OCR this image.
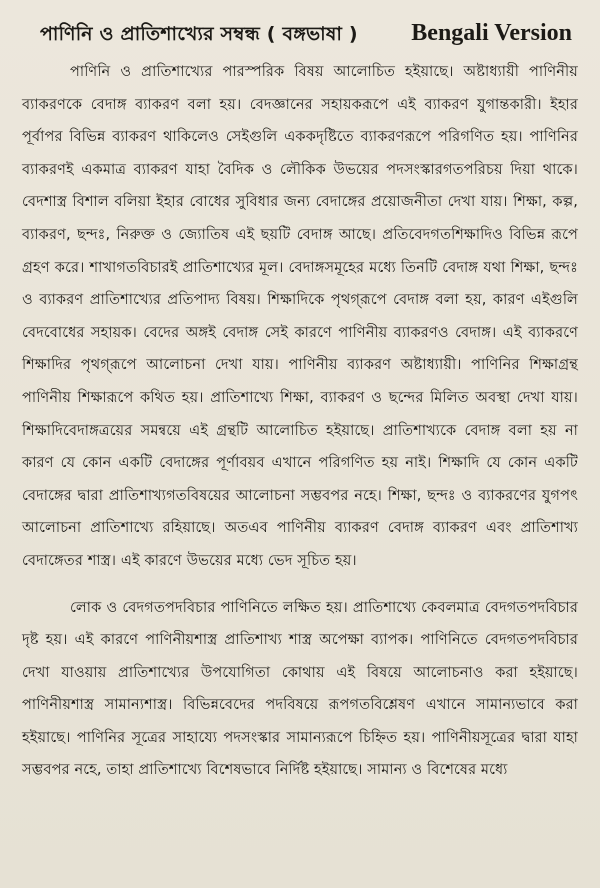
পাণিনি ও প্রাতিশাখ্যের সম্বন্ধ ( বঙ্গভাষা ) Bengali Version

পাণিনি ও প্রাতিশাখ্যের পারস্পরিক বিষয় আলোচিত হইয়াছে। অষ্টাধ্যায়ী পাণিনীয় ব্যাকরণকে বেদাঙ্গ ব্যাকরণ বলা হয়। বেদজ্ঞানের সহায়করূপে এই ব্যাকরণ যুগান্তকারী। ইহার পূর্বাপর বিভিন্ন ব্যাকরণ থাকিলেও সেইগুলি এককদৃষ্টিতে ব্যাকরণরূপে পরিগণিত হয়। পাণিনির ব্যাকরণই একমাত্র ব্যাকরণ যাহা বৈদিক ও লৌকিক উভয়ের পদসংস্কারগতপরিচয় দিয়া থাকে। বেদশাস্ত্র বিশাল বলিয়া ইহার বোধের সুবিধার জন্য বেদাঙ্গের প্রয়োজনীতা দেখা যায়। শিক্ষা, কল্প, ব্যাকরণ, ছন্দঃ, নিরুক্ত ও জ্যোতিষ এই ছয়টি বেদাঙ্গ আছে। প্রতিবেদগতশিক্ষাদিও বিভিন্ন রূপে গ্রহণ করে। শাখাগতবিচারই প্রাতিশাখ্যের মূল। বেদাঙ্গসমূহের মধ্যে তিনটি বেদাঙ্গ যথা শিক্ষা, ছন্দঃ ও ব্যাকরণ প্রাতিশাখ্যের প্রতিপাদ্য বিষয়। শিক্ষাদিকে পৃথগ্‌রূপে বেদাঙ্গ বলা হয়, কারণ এইগুলি বেদবোধের সহায়ক। বেদের অঙ্গই বেদাঙ্গ সেই কারণে পাণিনীয় ব্যাকরণও বেদাঙ্গ। এই ব্যাকরণে শিক্ষাদির পৃথগ্‌রূপে আলোচনা দেখা যায়। পাণিনীয় ব্যাকরণ অষ্টাধ্যায়ী। পাণিনির শিক্ষাগ্রন্থ পাণিনীয় শিক্ষারূপে কথিত হয়। প্রাতিশাখ্যে শিক্ষা, ব্যাকরণ ও ছন্দের মিলিত অবস্থা দেখা যায়। শিক্ষাদিবেদাঙ্গত্রয়ের সমন্বয়ে এই গ্রন্থটি আলোচিত হইয়াছে। প্রাতিশাখ্যকে বেদাঙ্গ বলা হয় না কারণ যে কোন একটি বেদাঙ্গের পূর্ণাবয়ব এখানে পরিগণিত হয় নাই। শিক্ষাদি যে কোন একটি বেদাঙ্গের দ্বারা প্রাতিশাখ্যগতবিষয়ের আলোচনা সম্ভবপর নহে। শিক্ষা, ছন্দঃ ও ব্যাকরণের যুগপৎ আলোচনা প্রাতিশাখ্যে রহিয়াছে। অতএব পাণিনীয় ব্যাকরণ বেদাঙ্গ ব্যাকরণ এবং প্রাতিশাখ্য বেদাঙ্গেতর শাস্ত্র। এই কারণে উভয়ের মধ্যে ভেদ সূচিত হয়।

লোক ও বেদগতপদবিচার পাণিনিতে লক্ষিত হয়। প্রাতিশাখ্যে কেবলমাত্র বেদগতপদবিচার দৃষ্ট হয়। এই কারণে পাণিনীয়শাস্ত্র প্রাতিশাখ্য শাস্ত্র অপেক্ষা ব্যাপক। পাণিনিতে বেদগতপদবিচার দেখা যাওয়ায় প্রাতিশাখ্যের উপযোগিতা কোথায় এই বিষয়ে আলোচনাও করা হইয়াছে। পাণিনীয়শাস্ত্র সামান্যশাস্ত্র। বিভিন্নবেদের পদবিষয়ে রূপগতবিশ্লেষণ এখানে সামান্যভাবে করা হইয়াছে। পাণিনির সূত্রের সাহায্যে পদসংস্কার সামান্যরূপে চিহ্নিত হয়। পাণিনীয়সূত্রের দ্বারা যাহা সম্ভবপর নহে, তাহা প্রাতিশাখ্যে বিশেষভাবে নির্দিষ্ট হইয়াছে। সামান্য ও বিশেষের মধ্যে
